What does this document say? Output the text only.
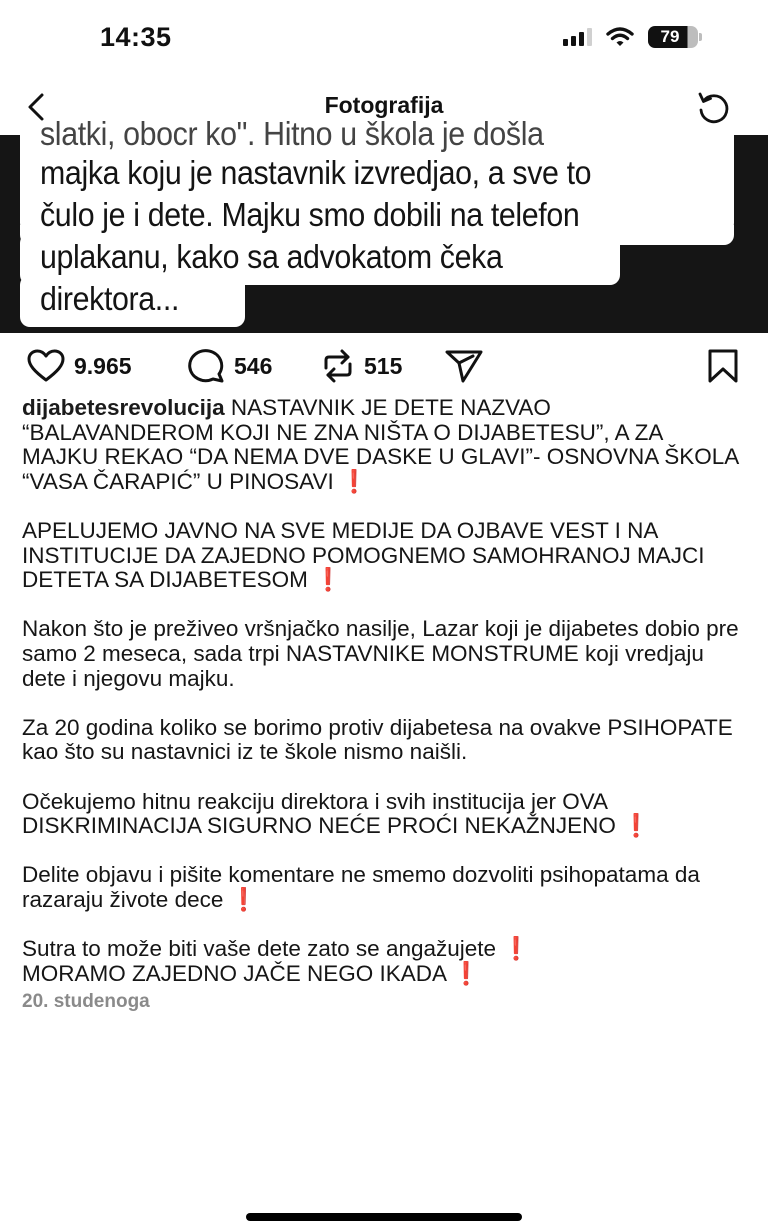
14:35	79
Fotografija
slatki, obocr ko". Hitno u škola je došla
majka koju je nastavnik izvredjao, a sve to
čulo je i dete. Majku smo dobili na telefon
uplakanu, kako sa advokatom čeka
direktora...
9.965	546	515

dijabetesrevolucija NASTAVNIK JE DETE NAZVAO “BALAVANDEROM KOJI NE ZNA NIŠTA O DIJABETESU”, A ZA MAJKU REKAO “DA NEMA DVE DASKE U GLAVI”- OSNOVNA ŠKOLA “VASA ČARAPIĆ” U PINOSAVI ❗

APELUJEMO JAVNO NA SVE MEDIJE DA OJBAVE VEST I NA INSTITUCIJE DA ZAJEDNO POMOGNEMO SAMOHRANOJ MAJCI DETETA SA DIJABETESOM ❗

Nakon što je preživeo vršnjačko nasilje, Lazar koji je dijabetes dobio pre samo 2 meseca, sada trpi NASTAVNIKE MONSTRUME koji vredjaju dete i njegovu majku.

Za 20 godina koliko se borimo protiv dijabetesa na ovakve PSIHOPATE kao što su nastavnici iz te škole nismo naišli.

Očekujemo hitnu reakciju direktora i svih institucija jer OVA DISKRIMINACIJA SIGURNO NEĆE PROĆI NEKAŽNJENO ❗

Delite objavu i pišite komentare ne smemo dozvoliti psihopatama da razaraju živote dece ❗

Sutra to može biti vaše dete zato se angažujete ❗
MORAMO ZAJEDNO JAČE NEGO IKADA ❗

20. studenoga
